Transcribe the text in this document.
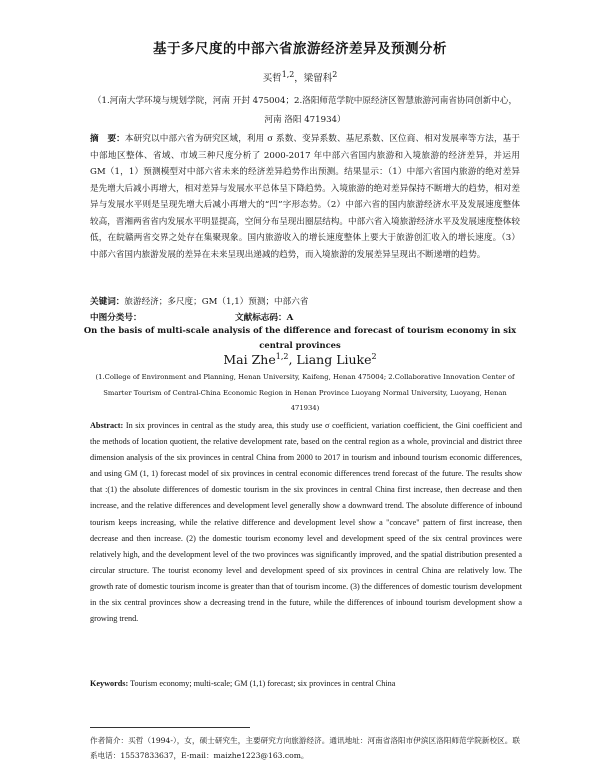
基于多尺度的中部六省旅游经济差异及预测分析
买哲$^{1,2}$，梁留科$^2$
（1.河南大学环境与规划学院，河南 开封 475004；2.洛阳师范学院中原经济区智慧旅游河南省协同创新中心，河南 洛阳 471934）
摘　要：本研究以中部六省为研究区域，利用 σ 系数、变异系数、基尼系数、区位商、相对发展率等方法，基于中部地区整体、省域、市域三种尺度分析了 2000-2017 年中部六省国内旅游和入境旅游的经济差异，并运用 GM（1，1）预测模型对中部六省未来的经济差异趋势作出预测。结果显示：（1）中部六省国内旅游的绝对差异是先增大后减小再增大，相对差异与发展水平总体呈下降趋势。入境旅游的绝对差异保持不断增大的趋势，相对差异与发展水平则是呈现先增大后减小再增大的“凹”字形态势。（2）中部六省的国内旅游经济水平及发展速度整体较高，晋湘两省省内发展水平明显提高，空间分布呈现出圈层结构。中部六省入境旅游经济水平及发展速度整体较低，在皖赣两省交界之处存在集聚现象。国内旅游收入的增长速度整体上要大于旅游创汇收入的增长速度。（3）中部六省国内旅游发展的差异在未来呈现出递减的趋势，而入境旅游的发展差异呈现出不断递增的趋势。
关键词：旅游经济；多尺度；GM（1,1）预测；中部六省
中图分类号：	文献标志码：A
On the basis of multi-scale analysis of the difference and forecast of tourism economy in six central provinces
Mai Zhe$^{1,2}$, Liang Liuke$^2$
(1.College of Environment and Planning, Henan University, Kaifeng, Henan 475004; 2.Collaborative Innovation Center of Smarter Tourism of Central-China Economic Region in Henan Province Luoyang Normal University, Luoyang, Henan 471934)
Abstract: In six provinces in central as the study area, this study use σ coefficient, variation coefficient, the Gini coefficient and the methods of location quotient, the relative development rate, based on the central region as a whole, provincial and district three dimension analysis of the six provinces in central China from 2000 to 2017 in tourism and inbound tourism economic differences, and using GM (1, 1) forecast model of six provinces in central economic differences trend forecast of the future. The results show that :(1) the absolute differences of domestic tourism in the six provinces in central China first increase, then decrease and then increase, and the relative differences and development level generally show a downward trend. The absolute difference of inbound tourism keeps increasing, while the relative difference and development level show a "concave" pattern of first increase, then decrease and then increase. (2) the domestic tourism economy level and development speed of the six central provinces were relatively high, and the development level of the two provinces was significantly improved, and the spatial distribution presented a circular structure. The tourist economy level and development speed of six provinces in central China are relatively low. The growth rate of domestic tourism income is greater than that of tourism income. (3) the differences of domestic tourism development in the six central provinces show a decreasing trend in the future, while the differences of inbound tourism development show a growing trend.
Keywords: Tourism economy; multi-scale; GM (1,1) forecast; six provinces in central China
作者简介：买哲（1994-），女，硕士研究生，主要研究方向旅游经济。通讯地址：河南省洛阳市伊滨区洛阳师范学院新校区。联系电话：15537833637，E-mail：maizhe1223@163.com。
